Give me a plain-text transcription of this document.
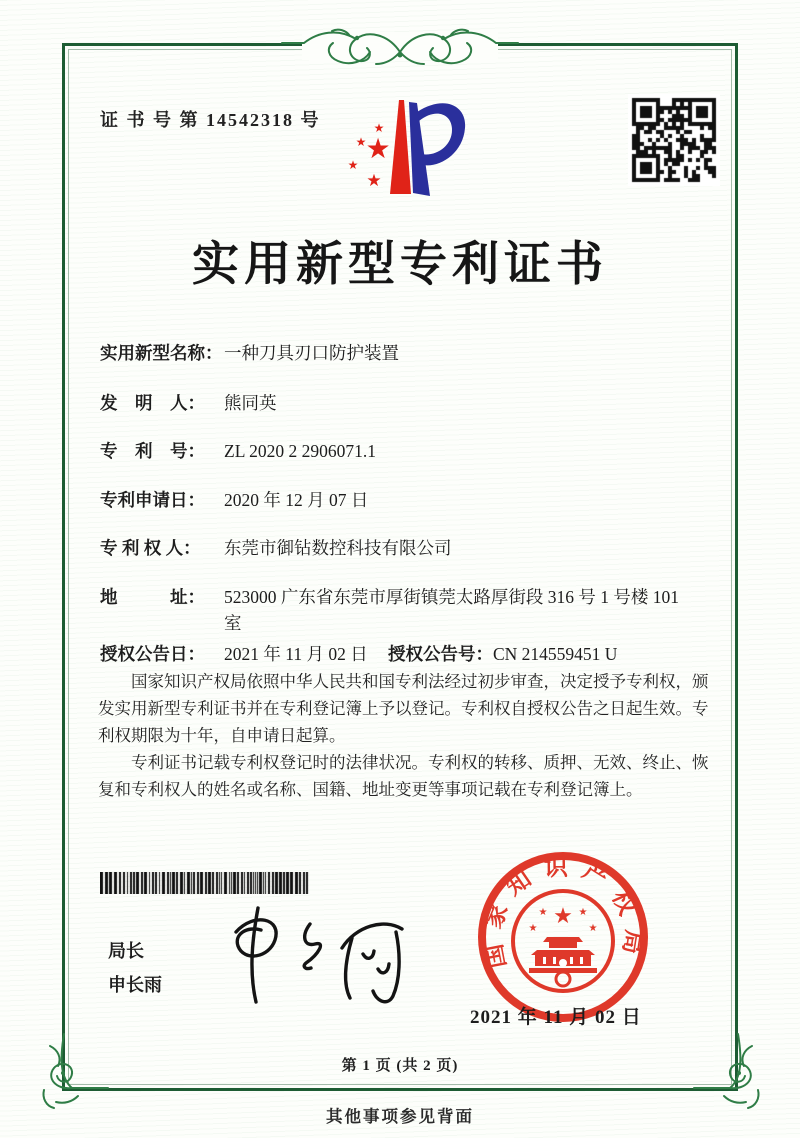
证 书 号 第 14542318 号
★
★
★
★
★
实用新型专利证书
实用新型名称： 一种刀具刃口防护装置
发　明　人：	熊同英
专　利　号：	ZL 2020 2 2906071.1
专利申请日：	2020 年 12 月 07 日
专 利 权 人：	东莞市御钻数控科技有限公司
地　　　址：	523000 广东省东莞市厚街镇莞太路厚街段 316 号 1 号楼 101 室
授权公告日：	2021 年 11 月 02 日 授权公告号： CN 214559451 U

国家知识产权局依照中华人民共和国专利法经过初步审查，决定授予专利权，颁发实用新型专利证书并在专利登记簿上予以登记。专利权自授权公告之日起生效。专利权期限为十年，自申请日起算。

专利证书记载专利权登记时的法律状况。专利权的转移、质押、无效、终止、恢复和专利权人的姓名或名称、国籍、地址变更等事项记载在专利登记簿上。

局长
申长雨
国家知识产权局
★
★	★
★	★
2021 年 11 月 02 日
第 1 页 (共 2 页)
其他事项参见背面
